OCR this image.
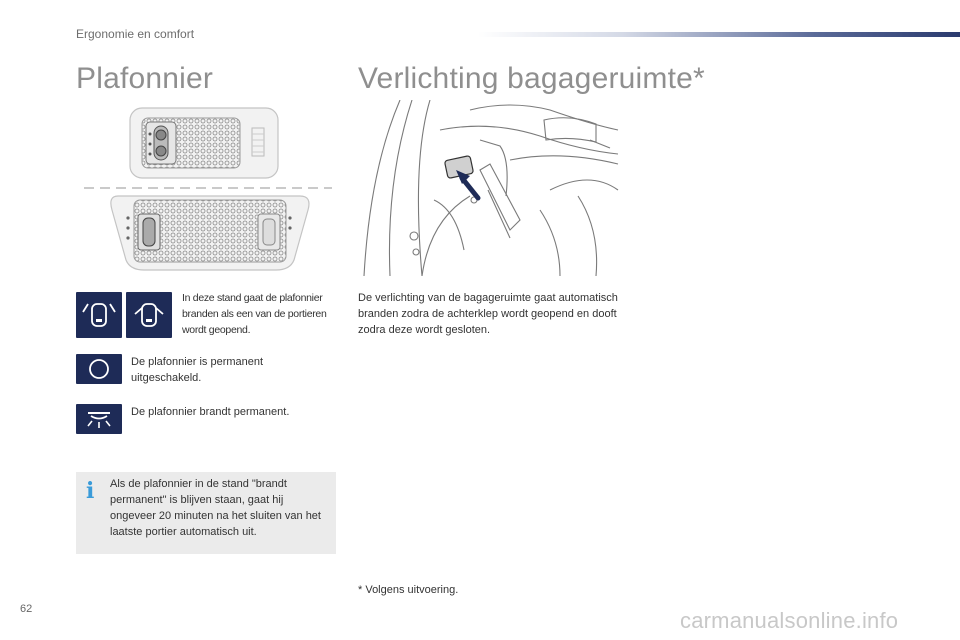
Ergonomie en comfort
Plafonnier	Verlichting bagageruimte*
In deze stand gaat de plafonnier branden als een van de portieren wordt geopend.
De plafonnier is permanent uitgeschakeld.
De plafonnier brandt permanent.
i Als de plafonnier in de stand "brandt permanent" is blijven staan, gaat hij ongeveer 20 minuten na het sluiten van het laatste portier automatisch uit.
De verlichting van de bagageruimte gaat automatisch branden zodra de achterklep wordt geopend en dooft zodra deze wordt gesloten.
* Volgens uitvoering.
62	carmanualsonline.info
